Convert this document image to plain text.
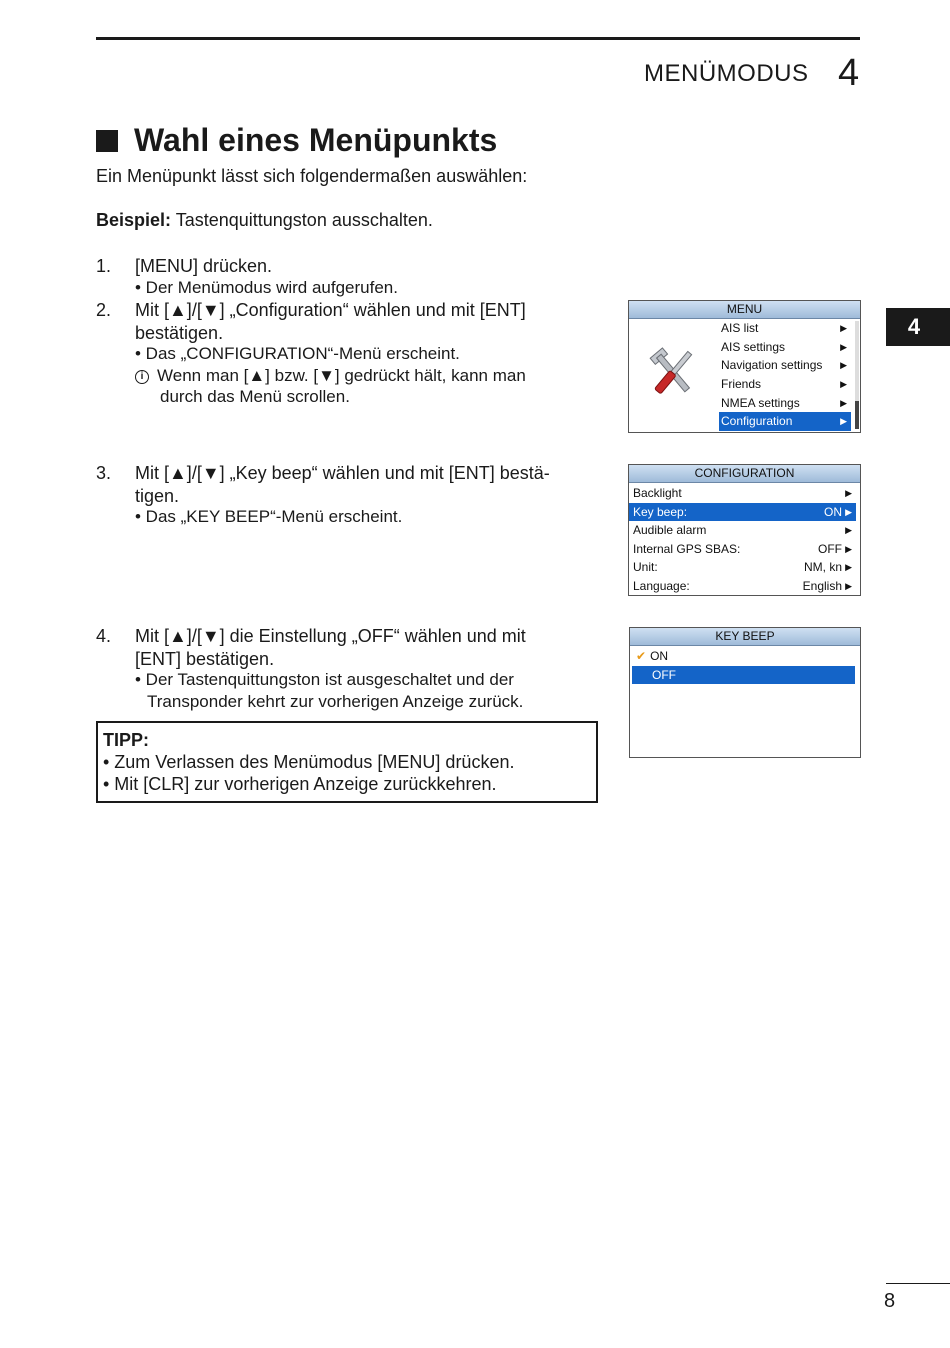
MENÜMODUS 4
Wahl eines Menüpunkts
Ein Menüpunkt lässt sich folgendermaßen auswählen:
Beispiel: Tastenquittungston ausschalten.
1. [MENU] drücken.
• Der Menümodus wird aufgerufen.
2. Mit [▲]/[▼] „Configuration“ wählen und mit [ENT]
bestätigen.
• Das „CONFIGURATION“-Menü erscheint.
i Wenn man [▲] bzw. [▼] gedrückt hält, kann man
durch das Menü scrollen.
3. Mit [▲]/[▼] „Key beep“ wählen und mit [ENT] bestä-
tigen.
• Das „KEY BEEP“-Menü erscheint.
4. Mit [▲]/[▼] die Einstellung „OFF“ wählen und mit
[ENT] bestätigen.
• Der Tastenquittungston ist ausgeschaltet und der
Transponder kehrt zur vorherigen Anzeige zurück.
TIPP:
• Zum Verlassen des Menümodus [MENU] drücken.
• Mit [CLR] zur vorherigen Anzeige zurückkehren.
MENU
AIS list	▶
AIS settings	▶
Navigation settings ▶
Friends	▶
NMEA settings	▶
Configuration	▶
CONFIGURATION
Backlight	▶
Key beep:	ON ▶
Audible alarm	▶
Internal GPS SBAS:	OFF ▶
Unit:	NM, kn ▶
Language:	English ▶
KEY BEEP
✔ ON
OFF
4
8
